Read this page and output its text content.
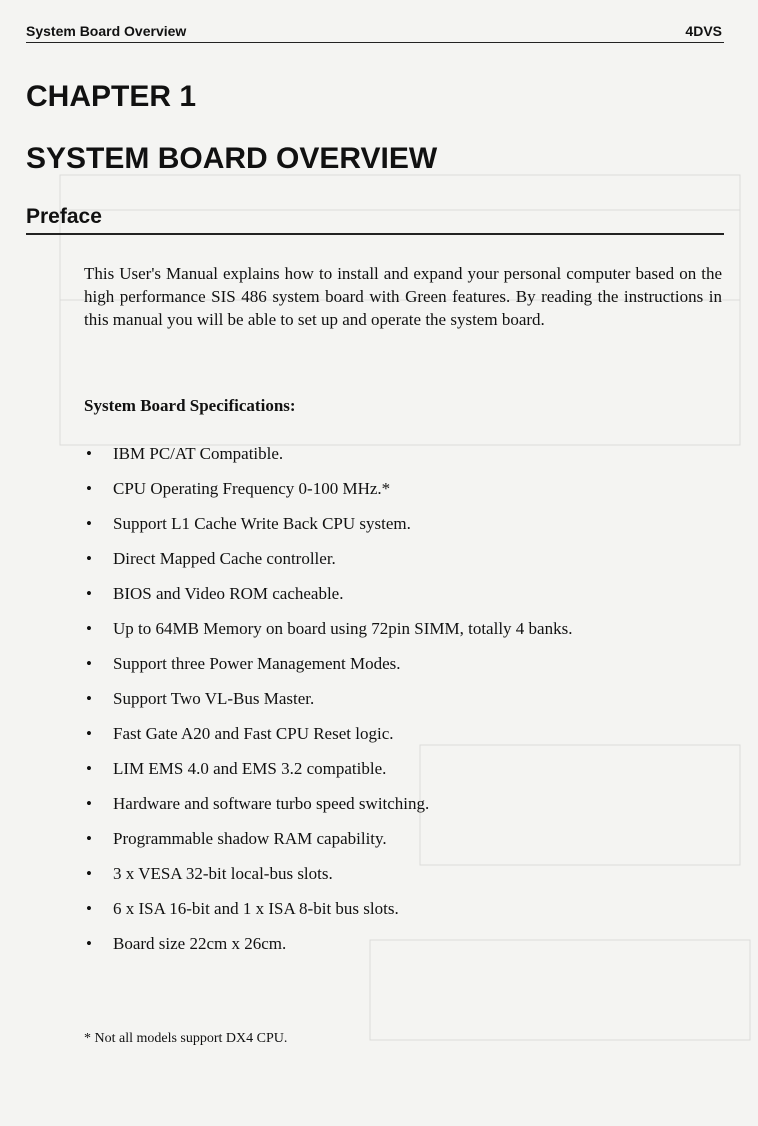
System Board Overview	4DVS
CHAPTER 1
SYSTEM BOARD OVERVIEW
Preface

This User's Manual explains how to install and expand your personal computer based on the high performance SIS 486 system board with Green features. By reading the instructions in this manual you will be able to set up and operate the system board.

System Board Specifications:

• IBM PC/AT Compatible.
• CPU Operating Frequency 0-100 MHz.*
• Support L1 Cache Write Back CPU system.
• Direct Mapped Cache controller.
• BIOS and Video ROM cacheable.
• Up to 64MB Memory on board using 72pin SIMM, totally 4 banks.
• Support three Power Management Modes.
• Support Two VL-Bus Master.
• Fast Gate A20 and Fast CPU Reset logic.
• LIM EMS 4.0 and EMS 3.2 compatible.
• Hardware and software turbo speed switching.
• Programmable shadow RAM capability.
• 3 x VESA 32-bit local-bus slots.
• 6 x ISA 16-bit and 1 x ISA 8-bit bus slots.
• Board size 22cm x 26cm.

* Not all models support DX4 CPU.
